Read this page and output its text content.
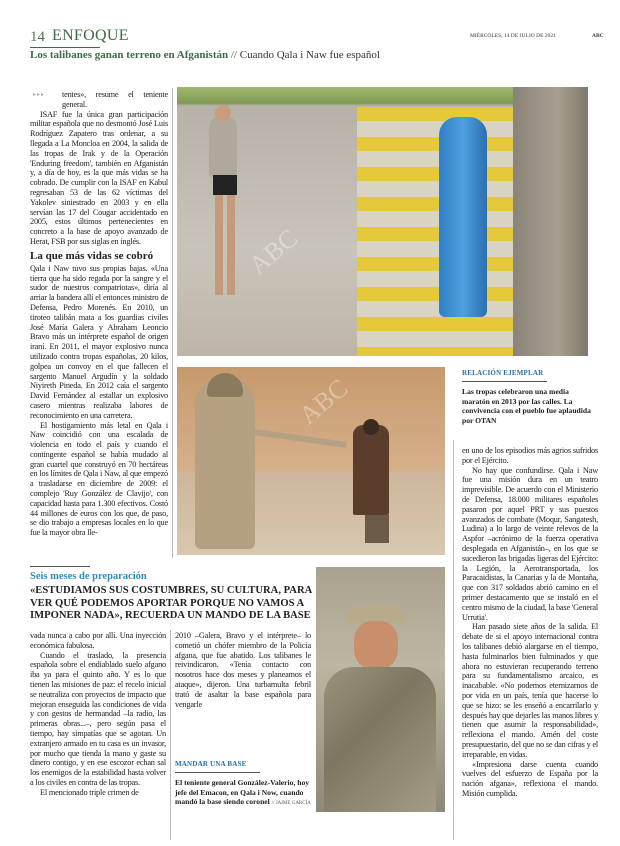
14 ENFOQUE	MIÉRCOLES, 14 DE JULIO DE 2021	ABC
Los talibanes ganan terreno en Afganistán // Cuando Qala i Naw fue español
▸▸▸	tentes», resume el teniente general.

ISAF fue la única gran participación militar española que no desmontó José Luis Rodríguez Zapatero tras ordenar, a su llegada a La Moncloa en 2004, la salida de las tropas de Irak y de la Operación 'Enduring freedom', también en Afganistán y, a día de hoy, es la que más vidas se ha cobrado. De cumplir con la ISAF en Kabul regresaban 53 de las 62 víctimas del Yakolev siniestrado en 2003 y en ella servían las 17 del Cougar accidentado en 2005, estos últimos pertenecientes en concreto a la base de apoyo avanzado de Herat, FSB por sus siglas en inglés.

La que más vidas se cobró

Qala i Naw tuvo sus propias bajas. «Una tierra que ha sido regada por la sangre y el sudor de nuestros compatriotas», diría al arriar la bandera allí el entonces ministro de Defensa, Pedro Morenés. En 2010, un tiroteo talibán mata a los guardias civiles José María Galera y Abraham Leoncio Bravo más un intérprete español de origen iraní. En 2011, el mayor explosivo nunca utilizado contra tropas españolas, 20 kilos, golpea un convoy en el que fallecen el sargento Manuel Argudín y la soldado Niyireth Pineda. En 2012 caía el sargento David Fernández al estallar un explosivo casero mientras realizaba labores de reconocimiento en una carretera.

El hostigamiento más letal en Qala i Naw coincidió con una escalada de violencia en todo el país y cuando el contingente español se había mudado al gran cuartel que construyó en 70 hectáreas en los límites de Qala i Naw, al que empezó a trasladarse en diciembre de 2009: el complejo 'Ruy González de Clavijo', con capacidad hasta para 1.300 efectivos. Costó 44 millones de euros con los que, de paso, se dio trabajo a empresas locales en lo que fue la mayor obra lle-

ABC
ABC
RELACIÓN EJEMPLAR
Las tropas celebraron una media maratón en 2013 por las calles. La convivencia con el pueblo fue aplaudida por OTAN

en uno de los episodios más agrios sufridos por el Ejército.

No hay que confundirse. Qala i Naw fue una misión dura en un teatro imprevisible. De acuerdo con el Ministerio de Defensa, 18.000 militares españoles pasaron por aquel PRT y sus puestos avanzados de combate (Moqur, Sangatesh, Ludina) a lo largo de veinte relevos de la Aspfor –acrónimo de la fuerza operativa desplegada en Afganistán–, en los que se sucedieron las brigadas ligeras del Ejército: la Legión, la Aerotransportada, los Paracaidistas, la Canarias y la de Montaña, que con 317 soldados abrió camino en el primer destacamento que se instaló en el centro mismo de la ciudad, la base 'General Urrutia'.

Han pasado siete años de la salida. El debate de si el apoyo internacional contra los talibanes debió alargarse en el tiempo, hasta fulminarlos bien fulminados y que ahora no estuvieran recuperando terreno para su fundamentalismo arcaico, es inacabable. «No podemos eternizarnos de por vida en un país, tenía que hacerse lo que se hizo: se les enseñó a encarrilarlo y después hay que dejarles las manos libres y tienen que asumir la responsabilidad», reflexiona el mando. Amén del coste presupuestario, del que no se dan cifras y el irreparable, en vidas.

«Impresiona darse cuenta cuando vuelves del esfuerzo de España por la nación afgana», reflexiona el mando. Misión cumplida.

Seis meses de preparación
«ESTUDIAMOS SUS COSTUMBRES, SU CULTURA, PARA VER QUÉ PODEMOS APORTAR PORQUE NO VAMOS A IMPONER NADA», RECUERDA UN MANDO DE LA BASE

vada nunca a cabo por allí. Una inyección económica fabulosa.

Cuando el traslado, la presencia española sobre el endiablado suelo afgano iba ya para el quinto año. Y es lo que tienen las misiones de paz: el recelo inicial se neutraliza con proyectos de impacto que mejoran enseguida las condiciones de vida y con gestos de hermandad –la radio, las primeras obras...–, pero según pasa el tiempo, hay simpatías que se agotan. Un extranjero armado en tu casa es un invasor, por mucho que tienda la mano y gaste su dinero contigo, y en ese escozor echan sal los enemigos de la estabilidad hasta volver a los civiles en contra de las tropas.

El mencionado triple crimen de

2010 –Galera, Bravo y el intérprete– lo cometió un chófer miembro de la Policía afgana, que fue abatido. Los talibanes le reivindicaron. «Tenía contacto con nosotros hace dos meses y planeamos el ataque», dijeron. Una turbamulta febril trató de asaltar la base española para vengarle

MANDAR UNA BASE
El teniente general González-Valerio, hoy jefe del Emacon, en Qala i Now, cuando mandó la base siendo coronel // JAIME GARCÍA
